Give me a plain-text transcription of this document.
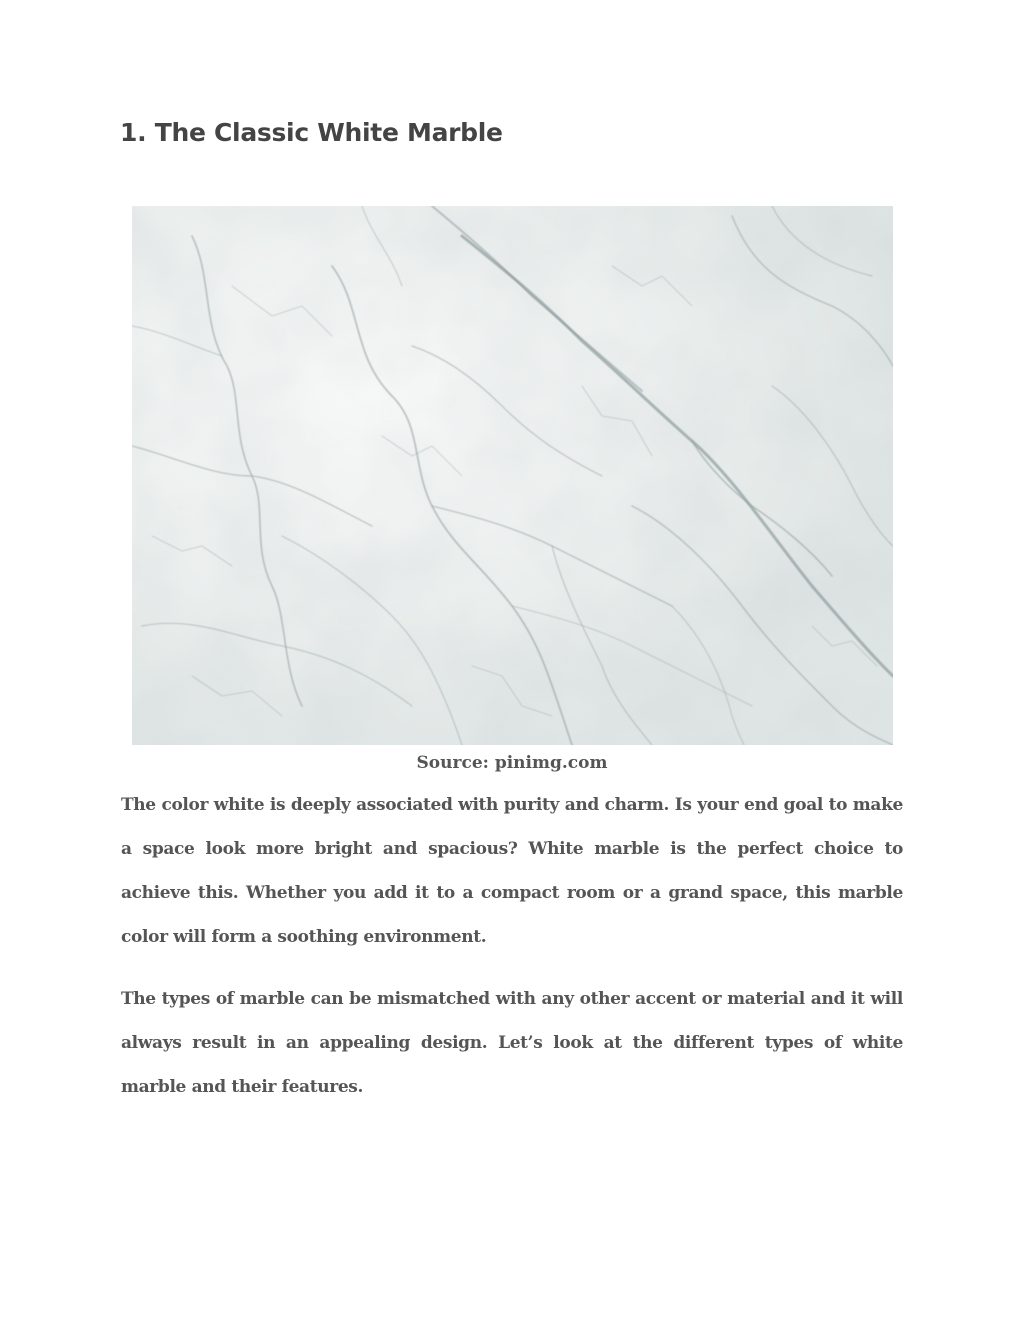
1. The Classic White Marble
Source: pinimg.com

The color white is deeply associated with purity and charm. Is your end goal to make a space look more bright and spacious? White marble is the perfect choice to achieve this. Whether you add it to a compact room or a grand space, this marble color will form a soothing environment.

The types of marble can be mismatched with any other accent or material and it will always result in an appealing design. Let’s look at the different types of white marble and their features.
